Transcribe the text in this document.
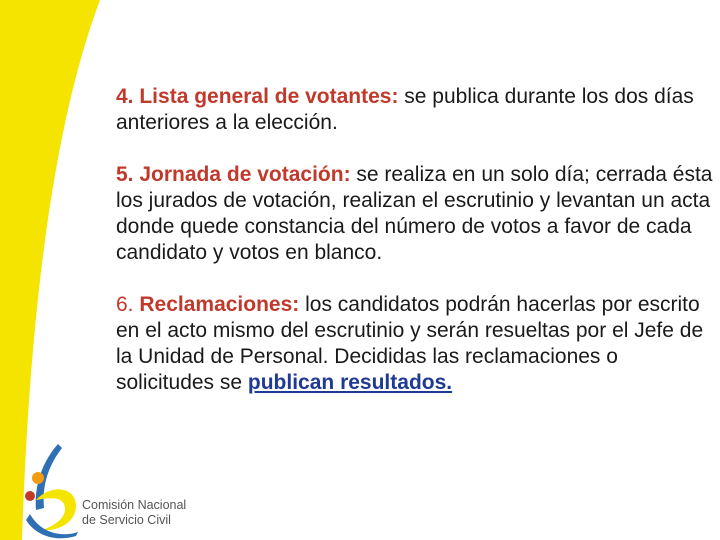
4. Lista general de votantes: se publica durante los dos días anteriores a la elección.

5. Jornada de votación: se realiza en un solo día; cerrada ésta los jurados de votación, realizan el escrutinio y levantan un acta donde quede constancia del número de votos a favor de cada candidato y votos en blanco.

6. Reclamaciones: los candidatos podrán hacerlas por escrito en el acto mismo del escrutinio y serán resueltas por el Jefe de la Unidad de Personal. Decididas las reclamaciones o solicitudes se publican resultados.

Comisión Nacional
de Servicio Civil
